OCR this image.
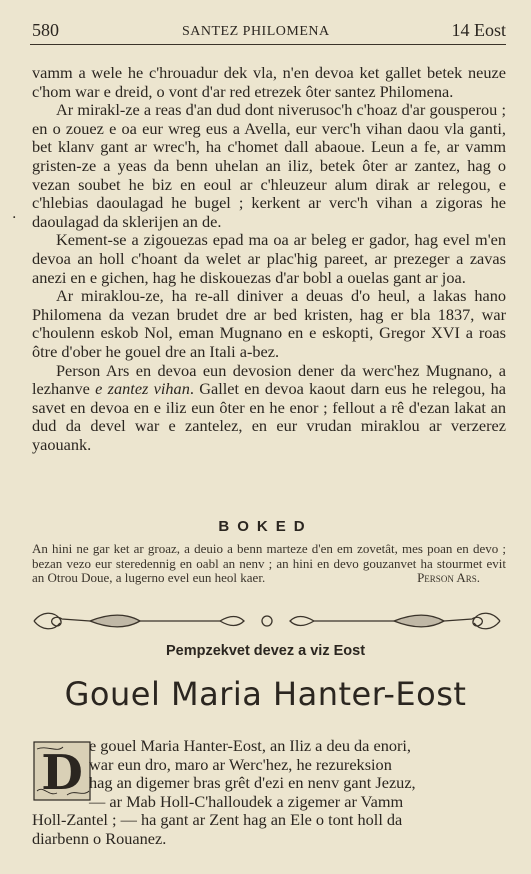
580	SANTEZ PHILOMENA	14 Eost

vamm a wele he c'hrouadur dek vla, n'en devoa ket gallet betek neuze c'hom war e dreid, o vont d'ar red etrezek ôter santez Philomena.

Ar mirakl-ze a reas d'an dud dont niverusoc'h c'hoaz d'ar gousperou ; en o zouez e oa eur wreg eus a Avella, eur verc'h vihan daou vla ganti, bet klanv gant ar wrec'h, ha c'homet dall abaoue. Leun a fe, ar vamm gristen-ze a yeas da benn uhelan an iliz, betek ôter ar zantez, hag o vezan soubet he biz en eoul ar c'hleuzeur alum dirak ar relegou, e c'hlebias daoulagad he bugel ; kerkent ar verc'h vihan a zigoras he daoulagad da sklerijen an de.

Kement-se a zigouezas epad ma oa ar beleg er gador, hag evel m'en devoa an holl c'hoant da welet ar plac'hig pareet, ar prezeger a zavas anezi en e gichen, hag he diskouezas d'ar bobl a ouelas gant ar joa.

Ar miraklou-ze, ha re-all diniver a deuas d'o heul, a lakas hano Philomena da vezan brudet dre ar bed kristen, hag er bla 1837, war c'houlenn eskob Nol, eman Mugnano en e eskopti, Gregor XVI a roas ôtre d'ober he gouel dre an Itali a-bez.

Person Ars en devoa eun devosion dener da werc'hez Mugnano, a lezhanve e zantez vihan. Gallet en devoa kaout darn eus he relegou, ha savet en devoa en e iliz eun ôter en he enor ; fellout a rê d'ezan lakat an dud da devel war e zantelez, en eur vrudan miraklou ar verzerez yaouank.

.
BOKED
An hini ne gar ket ar groaz, a deuio a benn marteze d'en em zovetât, mes poan en devo ; bezan vezo eur steredennig en oabl an nenv ; an hini en devo gouzanvet ha stourmet evit an Otrou Doue, a lugerno evel eun heol kaer.	Person Ars.
Pempzekvet devez a viz Eost
Gouel Maria Hanter-Eost
D e gouel Maria Hanter-Eost, an Iliz a deu da enori,
war eun dro, maro ar Werc'hez, he rezureksion
hag an digemer bras grêt d'ezi en nenv gant Jezuz,
— ar Mab Holl-C'halloudek a zigemer ar Vamm
Holl-Zantel ; — ha gant ar Zent hag an Ele o tont holl da
diarbenn o Rouanez.
